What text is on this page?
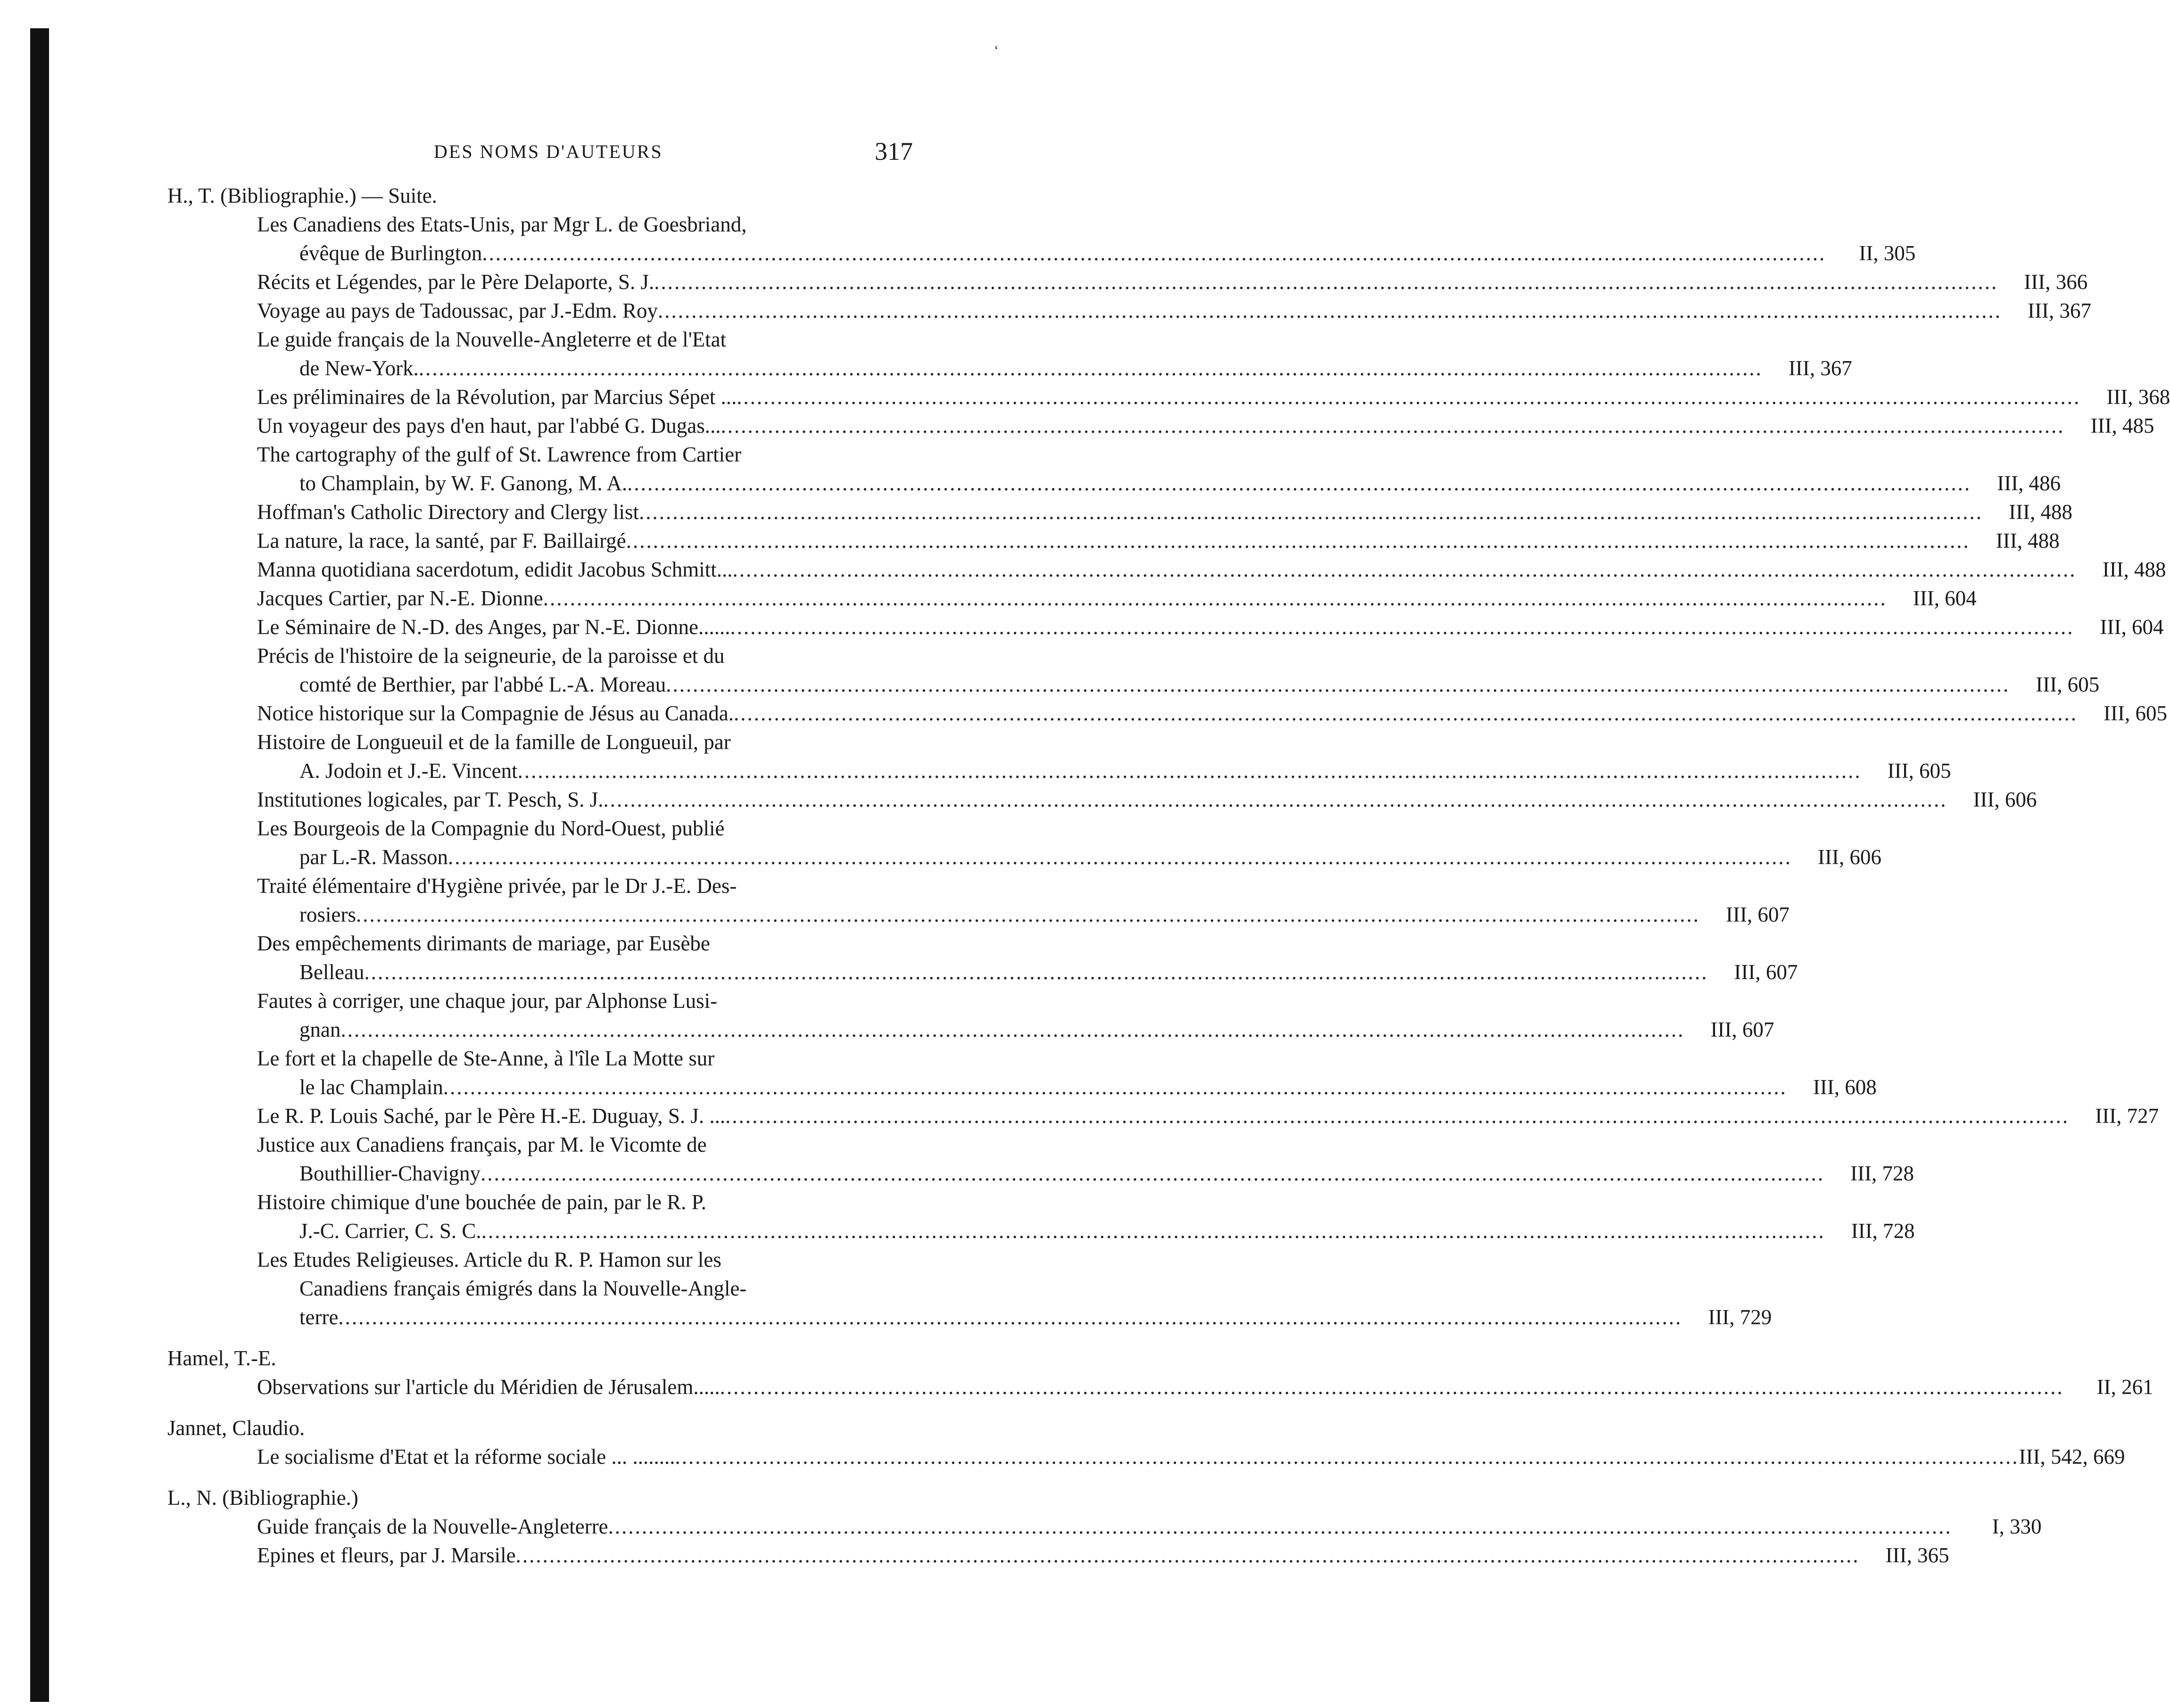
‘
DES NOMS D'AUTEURS	317
H., T. (Bibliographie.) — Suite.
Les Canadiens des Etats-Unis, par Mgr L. de Goesbriand,
évêque de Burlington ........................................................................................................................................................................................................	II, 305
Récits et Légendes, par le Père Delaporte, S. J. ........................................................................................................................................................................................................	III, 366
Voyage au pays de Tadoussac, par J.-Edm. Roy ........................................................................................................................................................................................................	III, 367
Le guide français de la Nouvelle-Angleterre et de l'Etat
de New-York. ........................................................................................................................................................................................................	III, 367
Les préliminaires de la Révolution, par Marcius Sépet ... ........................................................................................................................................................................................................	III, 368
Un voyageur des pays d'en haut, par l'abbé G. Dugas... ........................................................................................................................................................................................................	III, 485
The cartography of the gulf of St. Lawrence from Cartier
to Champlain, by W. F. Ganong, M. A. ........................................................................................................................................................................................................	III, 486
Hoffman's Catholic Directory and Clergy list ........................................................................................................................................................................................................	III, 488
La nature, la race, la santé, par F. Baillairgé ........................................................................................................................................................................................................	III, 488
Manna quotidiana sacerdotum, edidit Jacobus Schmitt... ........................................................................................................................................................................................................	III, 488
Jacques Cartier, par N.-E. Dionne ........................................................................................................................................................................................................	III, 604
Le Séminaire de N.-D. des Anges, par N.-E. Dionne...... ........................................................................................................................................................................................................	III, 604
Précis de l'histoire de la seigneurie, de la paroisse et du
comté de Berthier, par l'abbé L.-A. Moreau ........................................................................................................................................................................................................	III, 605
Notice historique sur la Compagnie de Jésus au Canada. ........................................................................................................................................................................................................	III, 605
Histoire de Longueuil et de la famille de Longueuil, par
A. Jodoin et J.-E. Vincent ........................................................................................................................................................................................................	III, 605
Institutiones logicales, par T. Pesch, S. J. ........................................................................................................................................................................................................	III, 606
Les Bourgeois de la Compagnie du Nord-Ouest, publié
par L.-R. Masson ........................................................................................................................................................................................................	III, 606
Traité élémentaire d'Hygiène privée, par le Dr J.-E. Des-
rosiers ........................................................................................................................................................................................................	III, 607
Des empêchements dirimants de mariage, par Eusèbe
Belleau ........................................................................................................................................................................................................	III, 607
Fautes à corriger, une chaque jour, par Alphonse Lusi-
gnan ........................................................................................................................................................................................................	III, 607
Le fort et la chapelle de Ste-Anne, à l'île La Motte sur
le lac Champlain ........................................................................................................................................................................................................	III, 608
Le R. P. Louis Saché, par le Père H.-E. Duguay, S. J. ... ........................................................................................................................................................................................................	III, 727
Justice aux Canadiens français, par M. le Vicomte de
Bouthillier-Chavigny ........................................................................................................................................................................................................	III, 728
Histoire chimique d'une bouchée de pain, par le R. P.
J.-C. Carrier, C. S. C. ........................................................................................................................................................................................................	III, 728
Les Etudes Religieuses. Article du R. P. Hamon sur les
Canadiens français émigrés dans la Nouvelle-Angle-
terre ........................................................................................................................................................................................................	III, 729
Hamel, T.-E.
Observations sur l'article du Méridien de Jérusalem..... ........................................................................................................................................................................................................	II, 261
Jannet, Claudio.
Le socialisme d'Etat et la réforme sociale ... ........ ........................................................................................................................................................................................................ III, 542, 669
L., N. (Bibliographie.)
Guide français de la Nouvelle-Angleterre ........................................................................................................................................................................................................	I, 330
Epines et fleurs, par J. Marsile ........................................................................................................................................................................................................	III, 365
